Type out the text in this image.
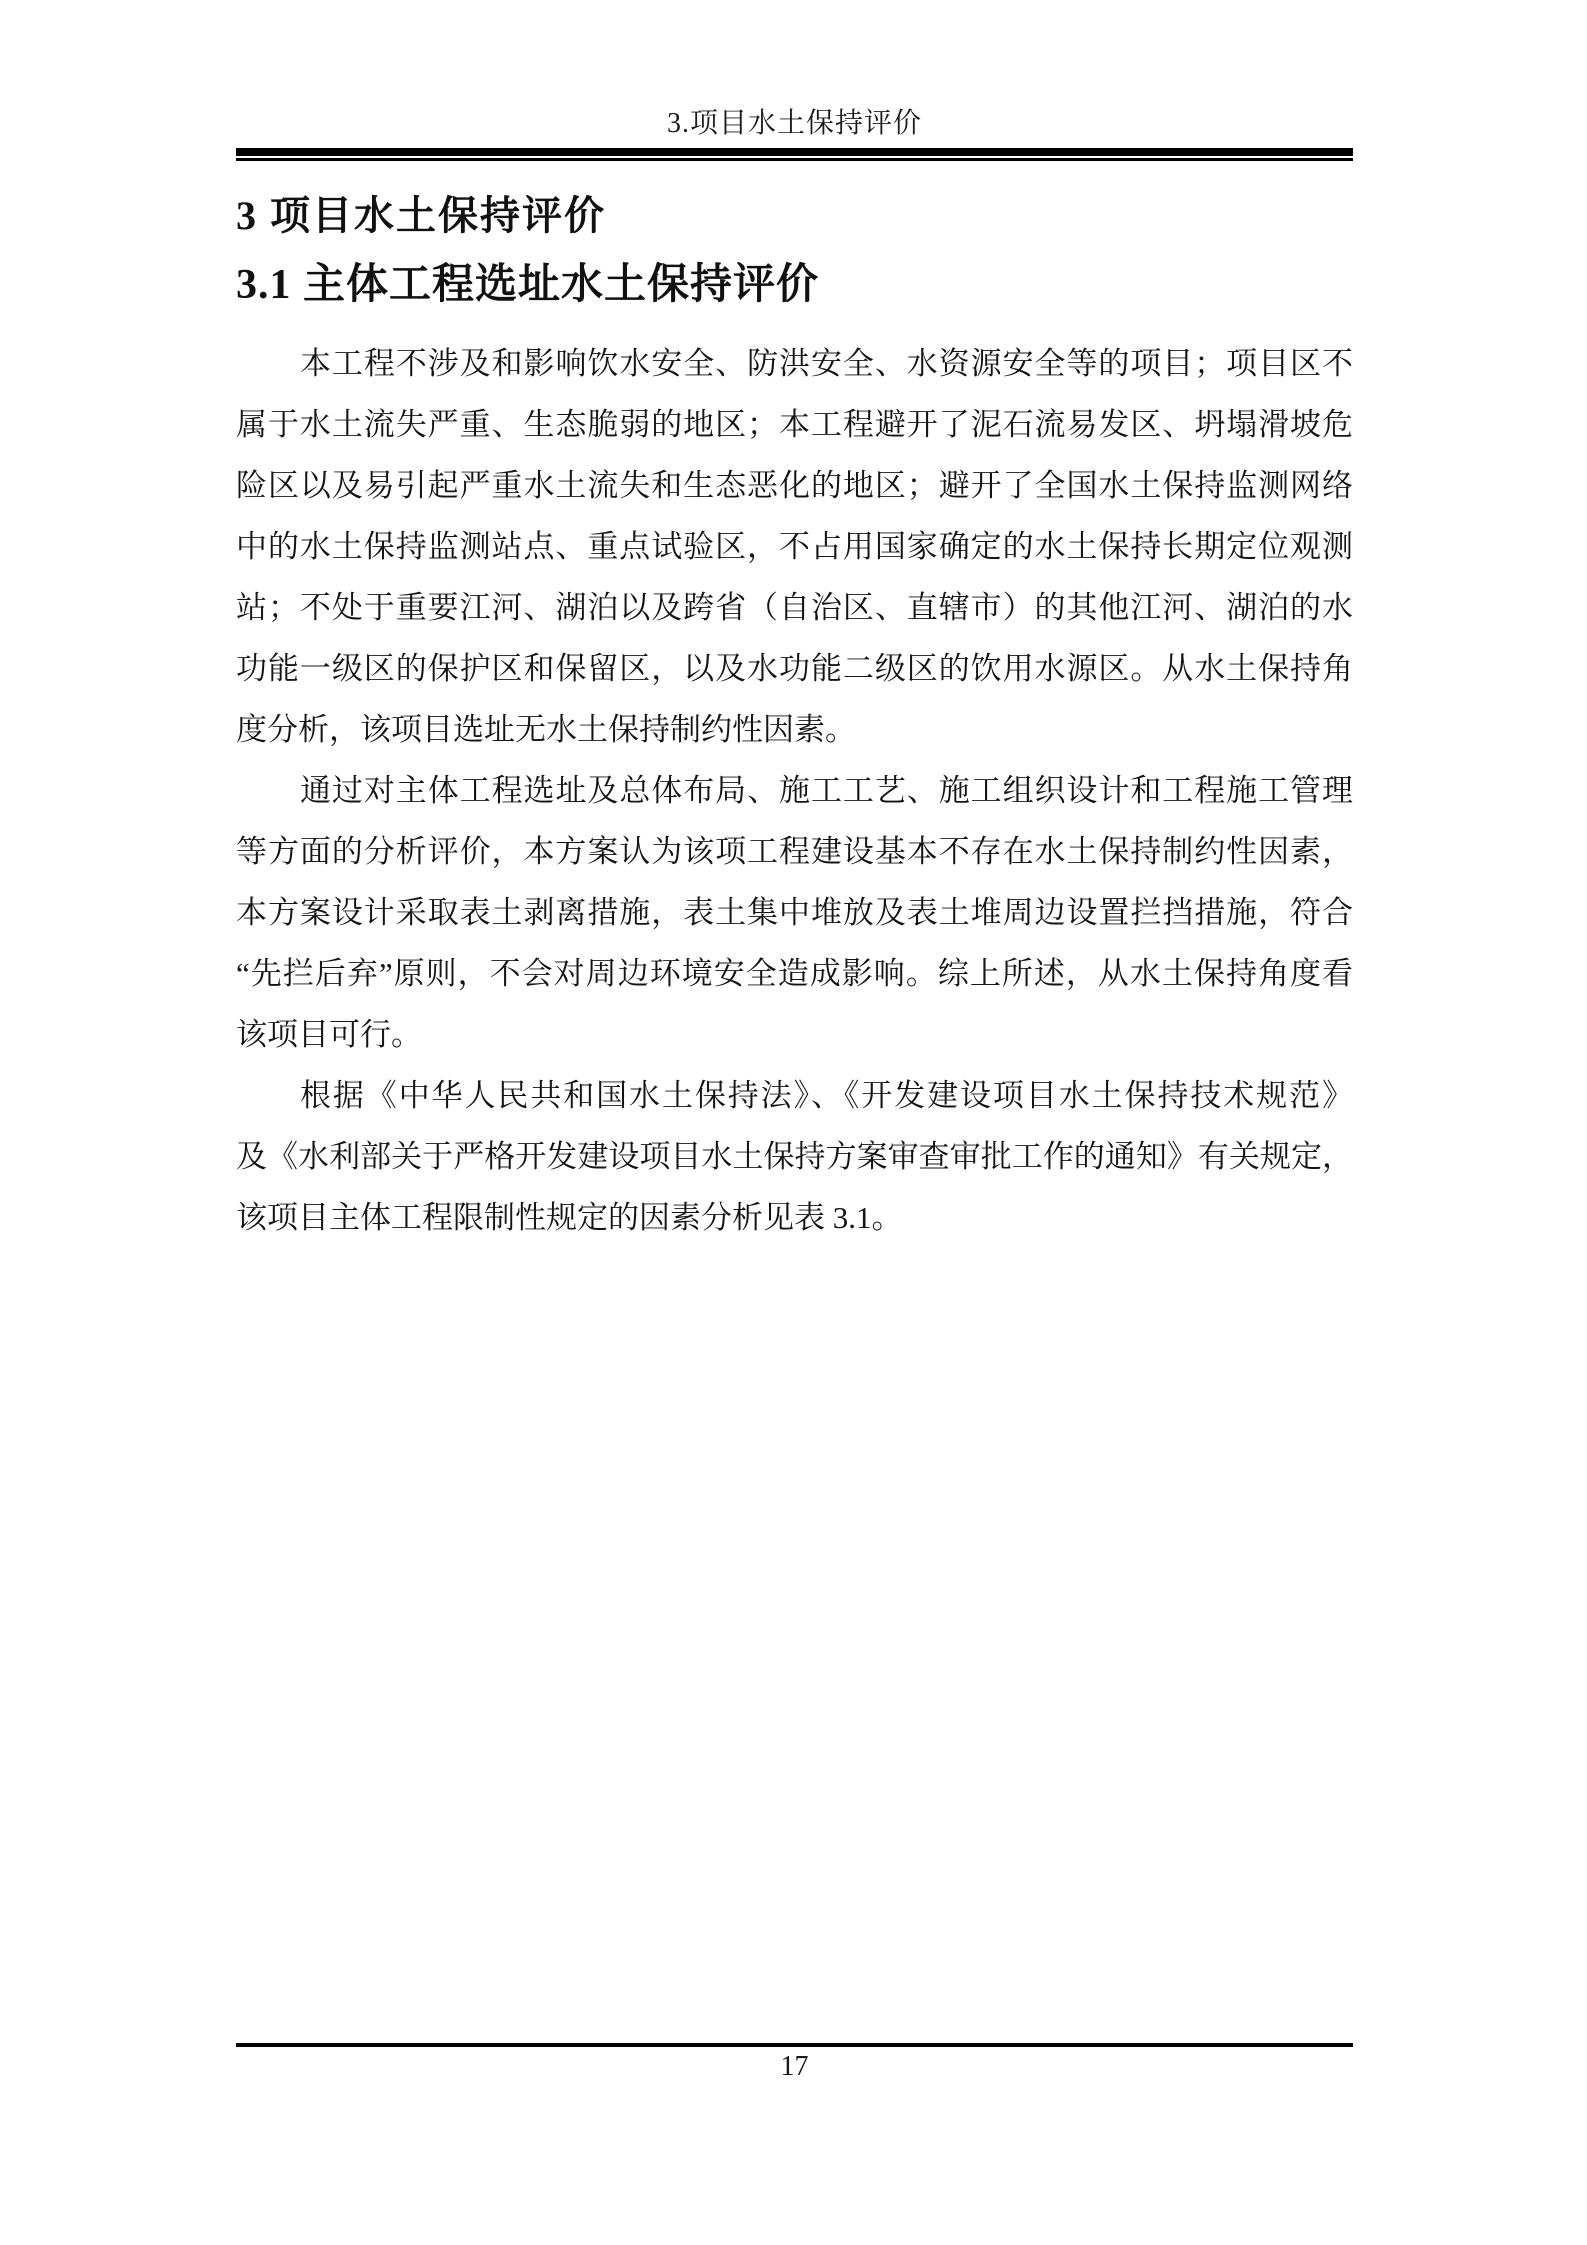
3.项目水土保持评价
3 项目水土保持评价
3.1 主体工程选址水土保持评价
本工程不涉及和影响饮水安全、防洪安全、水资源安全等的项目；项目区不
属于水土流失严重、生态脆弱的地区；本工程避开了泥石流易发区、坍塌滑坡危
险区以及易引起严重水土流失和生态恶化的地区；避开了全国水土保持监测网络
中的水土保持监测站点、重点试验区，不占用国家确定的水土保持长期定位观测
站；不处于重要江河、湖泊以及跨省（自治区、直辖市）的其他江河、湖泊的水
功能一级区的保护区和保留区，以及水功能二级区的饮用水源区。从水土保持角
度分析，该项目选址无水土保持制约性因素。
通过对主体工程选址及总体布局、施工工艺、施工组织设计和工程施工管理
等方面的分析评价，本方案认为该项工程建设基本不存在水土保持制约性因素，
本方案设计采取表土剥离措施，表土集中堆放及表土堆周边设置拦挡措施，符合
“先拦后弃”原则，不会对周边环境安全造成影响。综上所述，从水土保持角度看
该项目可行。
根据《中华人民共和国水土保持法》、《开发建设项目水土保持技术规范》
及《水利部关于严格开发建设项目水土保持方案审查审批工作的通知》有关规定，
该项目主体工程限制性规定的因素分析见表 3.1。
17
